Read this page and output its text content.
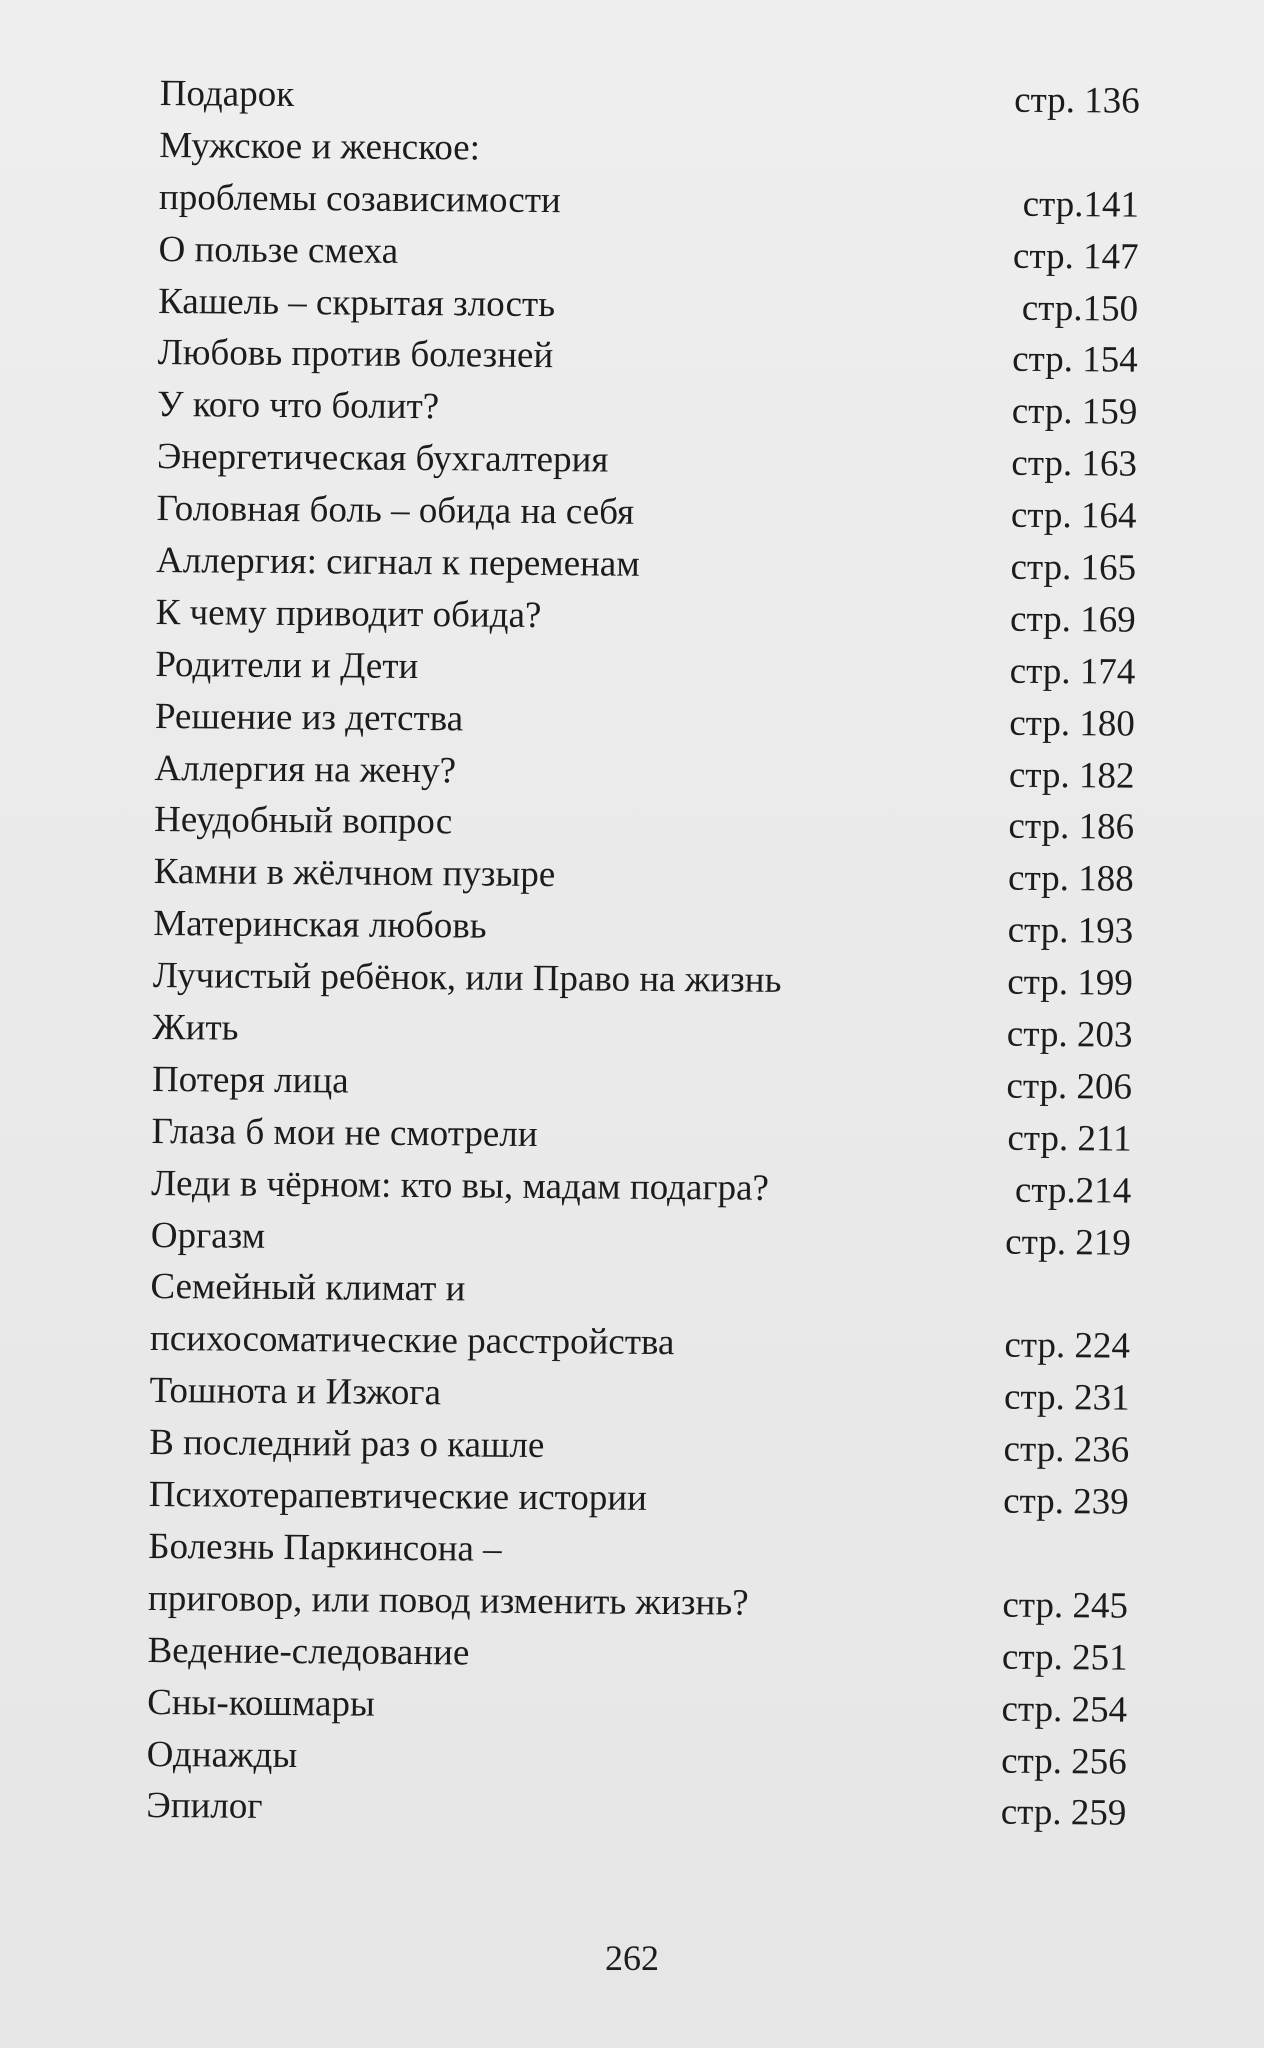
Подарок	стр. 136
Мужское и женское:
проблемы созависимости	стр.141
О пользе смеха	стр. 147
Кашель – скрытая злость	стр.150
Любовь против болезней	стр. 154
У кого что болит?	стр. 159
Энергетическая бухгалтерия	стр. 163
Головная боль – обида на себя	стр. 164
Аллергия: сигнал к переменам	стр. 165
К чему приводит обида?	стр. 169
Родители и Дети	стр. 174
Решение из детства	стр. 180
Аллергия на жену?	стр. 182
Неудобный вопрос	стр. 186
Камни в жёлчном пузыре	стр. 188
Материнская любовь	стр. 193
Лучистый ребёнок, или Право на жизнь	стр. 199
Жить	стр. 203
Потеря лица	стр. 206
Глаза б мои не смотрели	стр. 211
Леди в чёрном: кто вы, мадам подагра?	стр.214
Оргазм	стр. 219
Семейный климат и
психосоматические расстройства	стр. 224
Тошнота и Изжога	стр. 231
В последний раз о кашле	стр. 236
Психотерапевтические истории	стр. 239
Болезнь Паркинсона –
приговор, или повод изменить жизнь?	стр. 245
Ведение-следование	стр. 251
Сны-кошмары	стр. 254
Однажды	стр. 256
Эпилог	стр. 259
262
